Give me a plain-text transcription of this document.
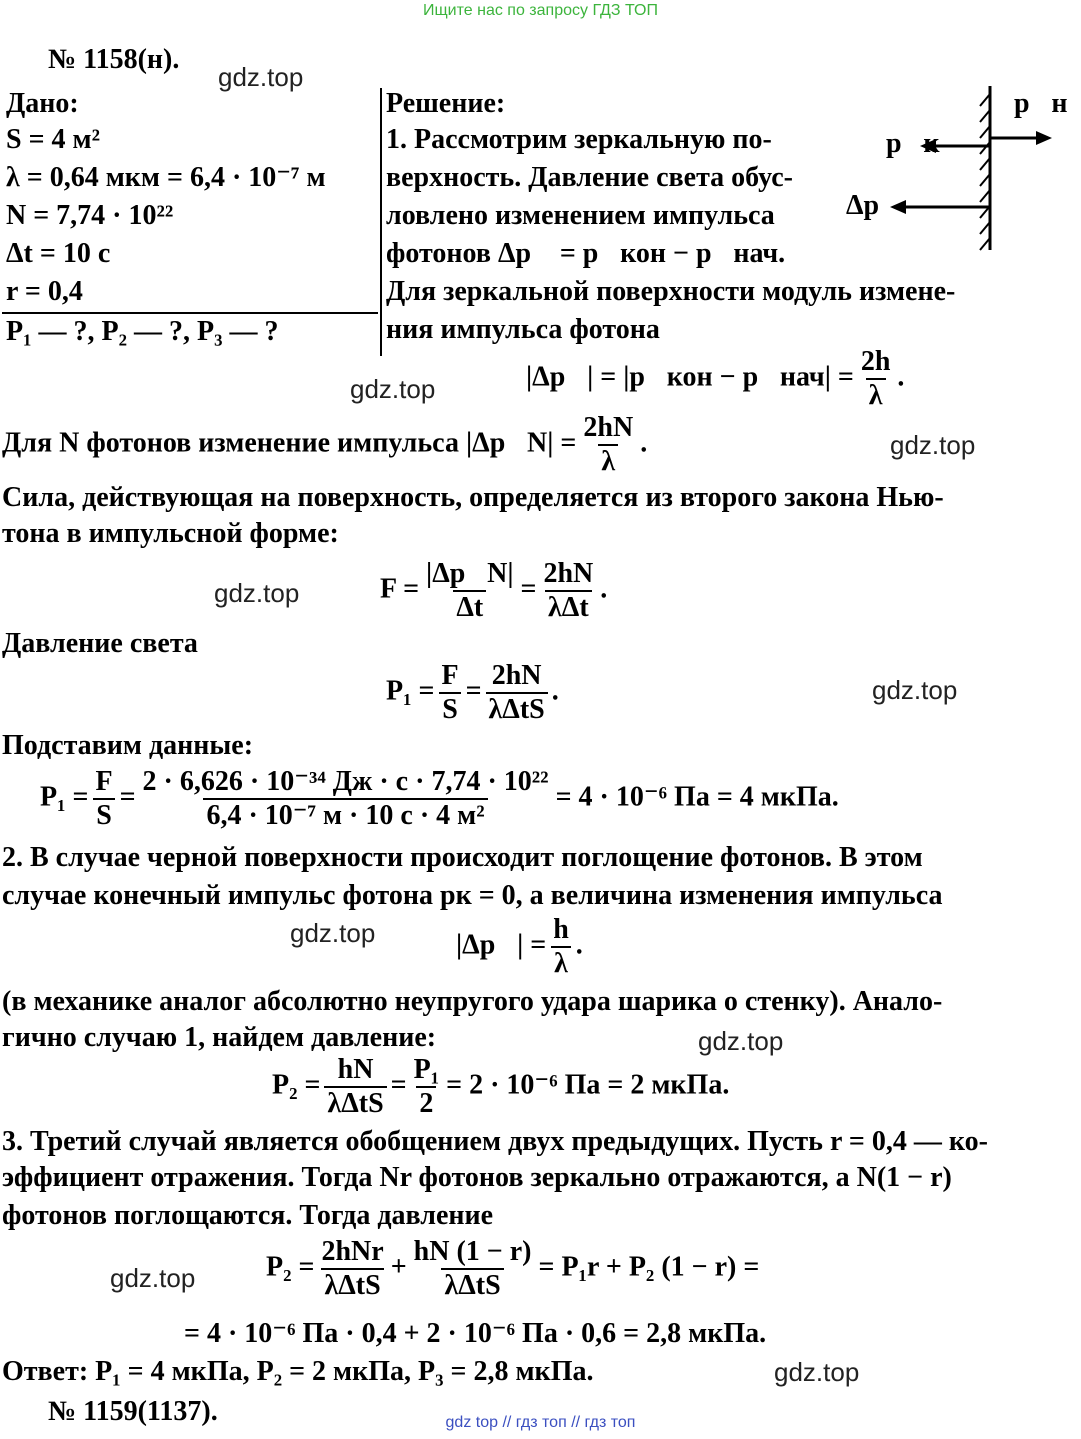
Ищите нас по запросу ГДЗ ТОП
gdz top // гдз топ // гдз топ
gdz.top
gdz.top
gdz.top
gdz.top
gdz.top
gdz.top
gdz.top
gdz.top
gdz.top
№ 1158(н).
Дано:
S = 4 м²
λ = 0,64 мкм = 6,4 · 10⁻⁷ м
N = 7,74 · 10²²
Δt = 10 с
r = 0,4
P₁ — ?, P₂ — ?, P₃ — ?
Решение:
1. Рассмотрим зеркальную по-
верхность. Давление света обус-
ловлено изменением импульса
фотонов Δp⃗ = p⃗кон − p⃗нач.
Для зеркальной поверхности модуль измене-
ния импульса фотона
p⃗н
p⃗к
Δp⃗
|Δp⃗| = |p⃗кон − p⃗нач| = $\frac{2h}{\lambda}$ .
Для N фотонов изменение импульса |Δp⃗N| = $\frac{2hN}{\lambda}$ .
Сила, действующая на поверхность, определяется из второго закона Нью-
тона в импульсной форме:
$F = \frac{|\Delta p⃗N|}{\Delta t} = \frac{2hN}{\text{λΔt}}$ .
Давление света
$P_1 = \frac{F}{S} = \frac{2hN}{\text{λΔtS}}$ .
Подставим данные:
$P_1 = \frac{F}{S} = \frac{\text{2 · 6,626 · 10⁻³⁴ Дж · с · 7,74 · 10²²}}{\text{6,4 · 10⁻⁷ м · 10 с · 4 м²}} = 4 \cdot 10^{-6}$ Па = 4 мкПа.
2. В случае черной поверхности происходит поглощение фотонов. В этом
случае конечный импульс фотона pк = 0, а величина изменения импульса
|Δp⃗| = $\frac{h}{\lambda}$ .
(в механике аналог абсолютно неупругого удара шарика о стенку). Анало-
гично случаю 1, найдем давление:
$P_2 = \frac{hN}{\text{λΔtS}} = \frac{\text{P₁}}{2} = 2 \cdot 10^{-6}$ Па = 2 мкПа.
3. Третий случай является обобщением двух предыдущих. Пусть r = 0,4 — ко-
эффициент отражения. Тогда Nr фотонов зеркально отражаются, а N(1 − r)
фотонов поглощаются. Тогда давление
$P_2 = \frac{\text{2hNr}}{\text{λΔtS}} + \frac{hN (1 - r)}{\text{λΔtS}} = P_1r + P_2$ (1 − r) =
= 4 · 10⁻⁶ Па · 0,4 + 2 · 10⁻⁶ Па · 0,6 = 2,8 мкПа.
Ответ: P₁ = 4 мкПа, P₂ = 2 мкПа, P₃ = 2,8 мкПа.
№ 1159(1137).
